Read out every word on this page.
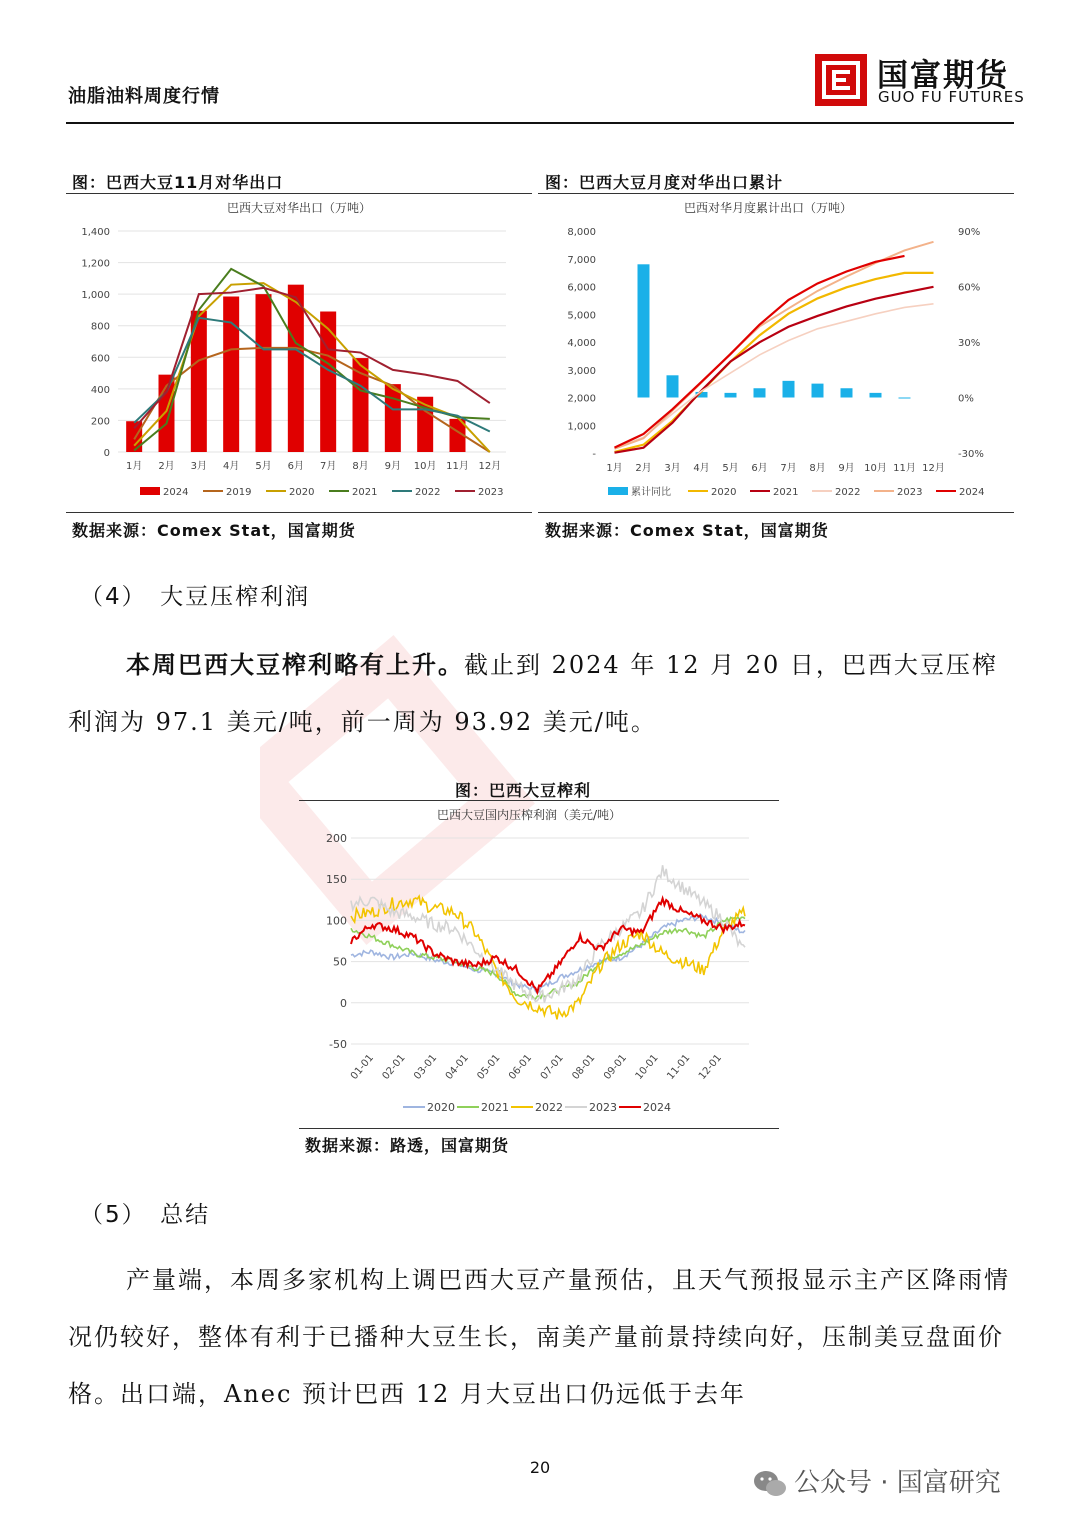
油脂油料周度行情
国富期货
GUO FU FUTURES
图：巴西大豆11月对华出口
巴西大豆对华出口（万吨）
0
200
400
600
800
1,000
1,200
1,400
1月 2月 3月 4月 5月 6月 7月 8月 9月 10月 11月 12月
2024	2019	2020	2021	2022	2023
数据来源：Comex Stat，国富期货
图：巴西大豆月度对华出口累计
巴西对华月度累计出口（万吨）
-
1,000
2,000
3,000
4,000
5,000
6,000
7,000
8,000
-30%
0%
30%
60%
90%
1月 2月 3月 4月 5月 6月 7月 8月 9月 10月 11月 12月
累计同比	2020	2021	2022	2023	2024
数据来源：Comex Stat，国富期货
（4）　大豆压榨利润
本周巴西大豆榨利略有上升。截止到 2024 年 12 月 20 日，巴西大豆压榨利润为 97.1 美元/吨，前一周为 93.92 美元/吨。
图：巴西大豆榨利
巴西大豆国内压榨利润（美元/吨）
-50
0
50
100
150
200
01-01 02-01 03-01 04-01 05-01 06-01 07-01 08-01 09-01 10-01 11-01 12-01
2020 2021 2022 2023 2024
数据来源：路透，国富期货
（5）　总结
产量端，本周多家机构上调巴西大豆产量预估，且天气预报显示主产区降雨情况仍较好，整体有利于已播种大豆生长，南美产量前景持续向好，压制美豆盘面价格。出口端，Anec 预计巴西 12 月大豆出口仍远低于去年
20
公众号 · 国富研究
